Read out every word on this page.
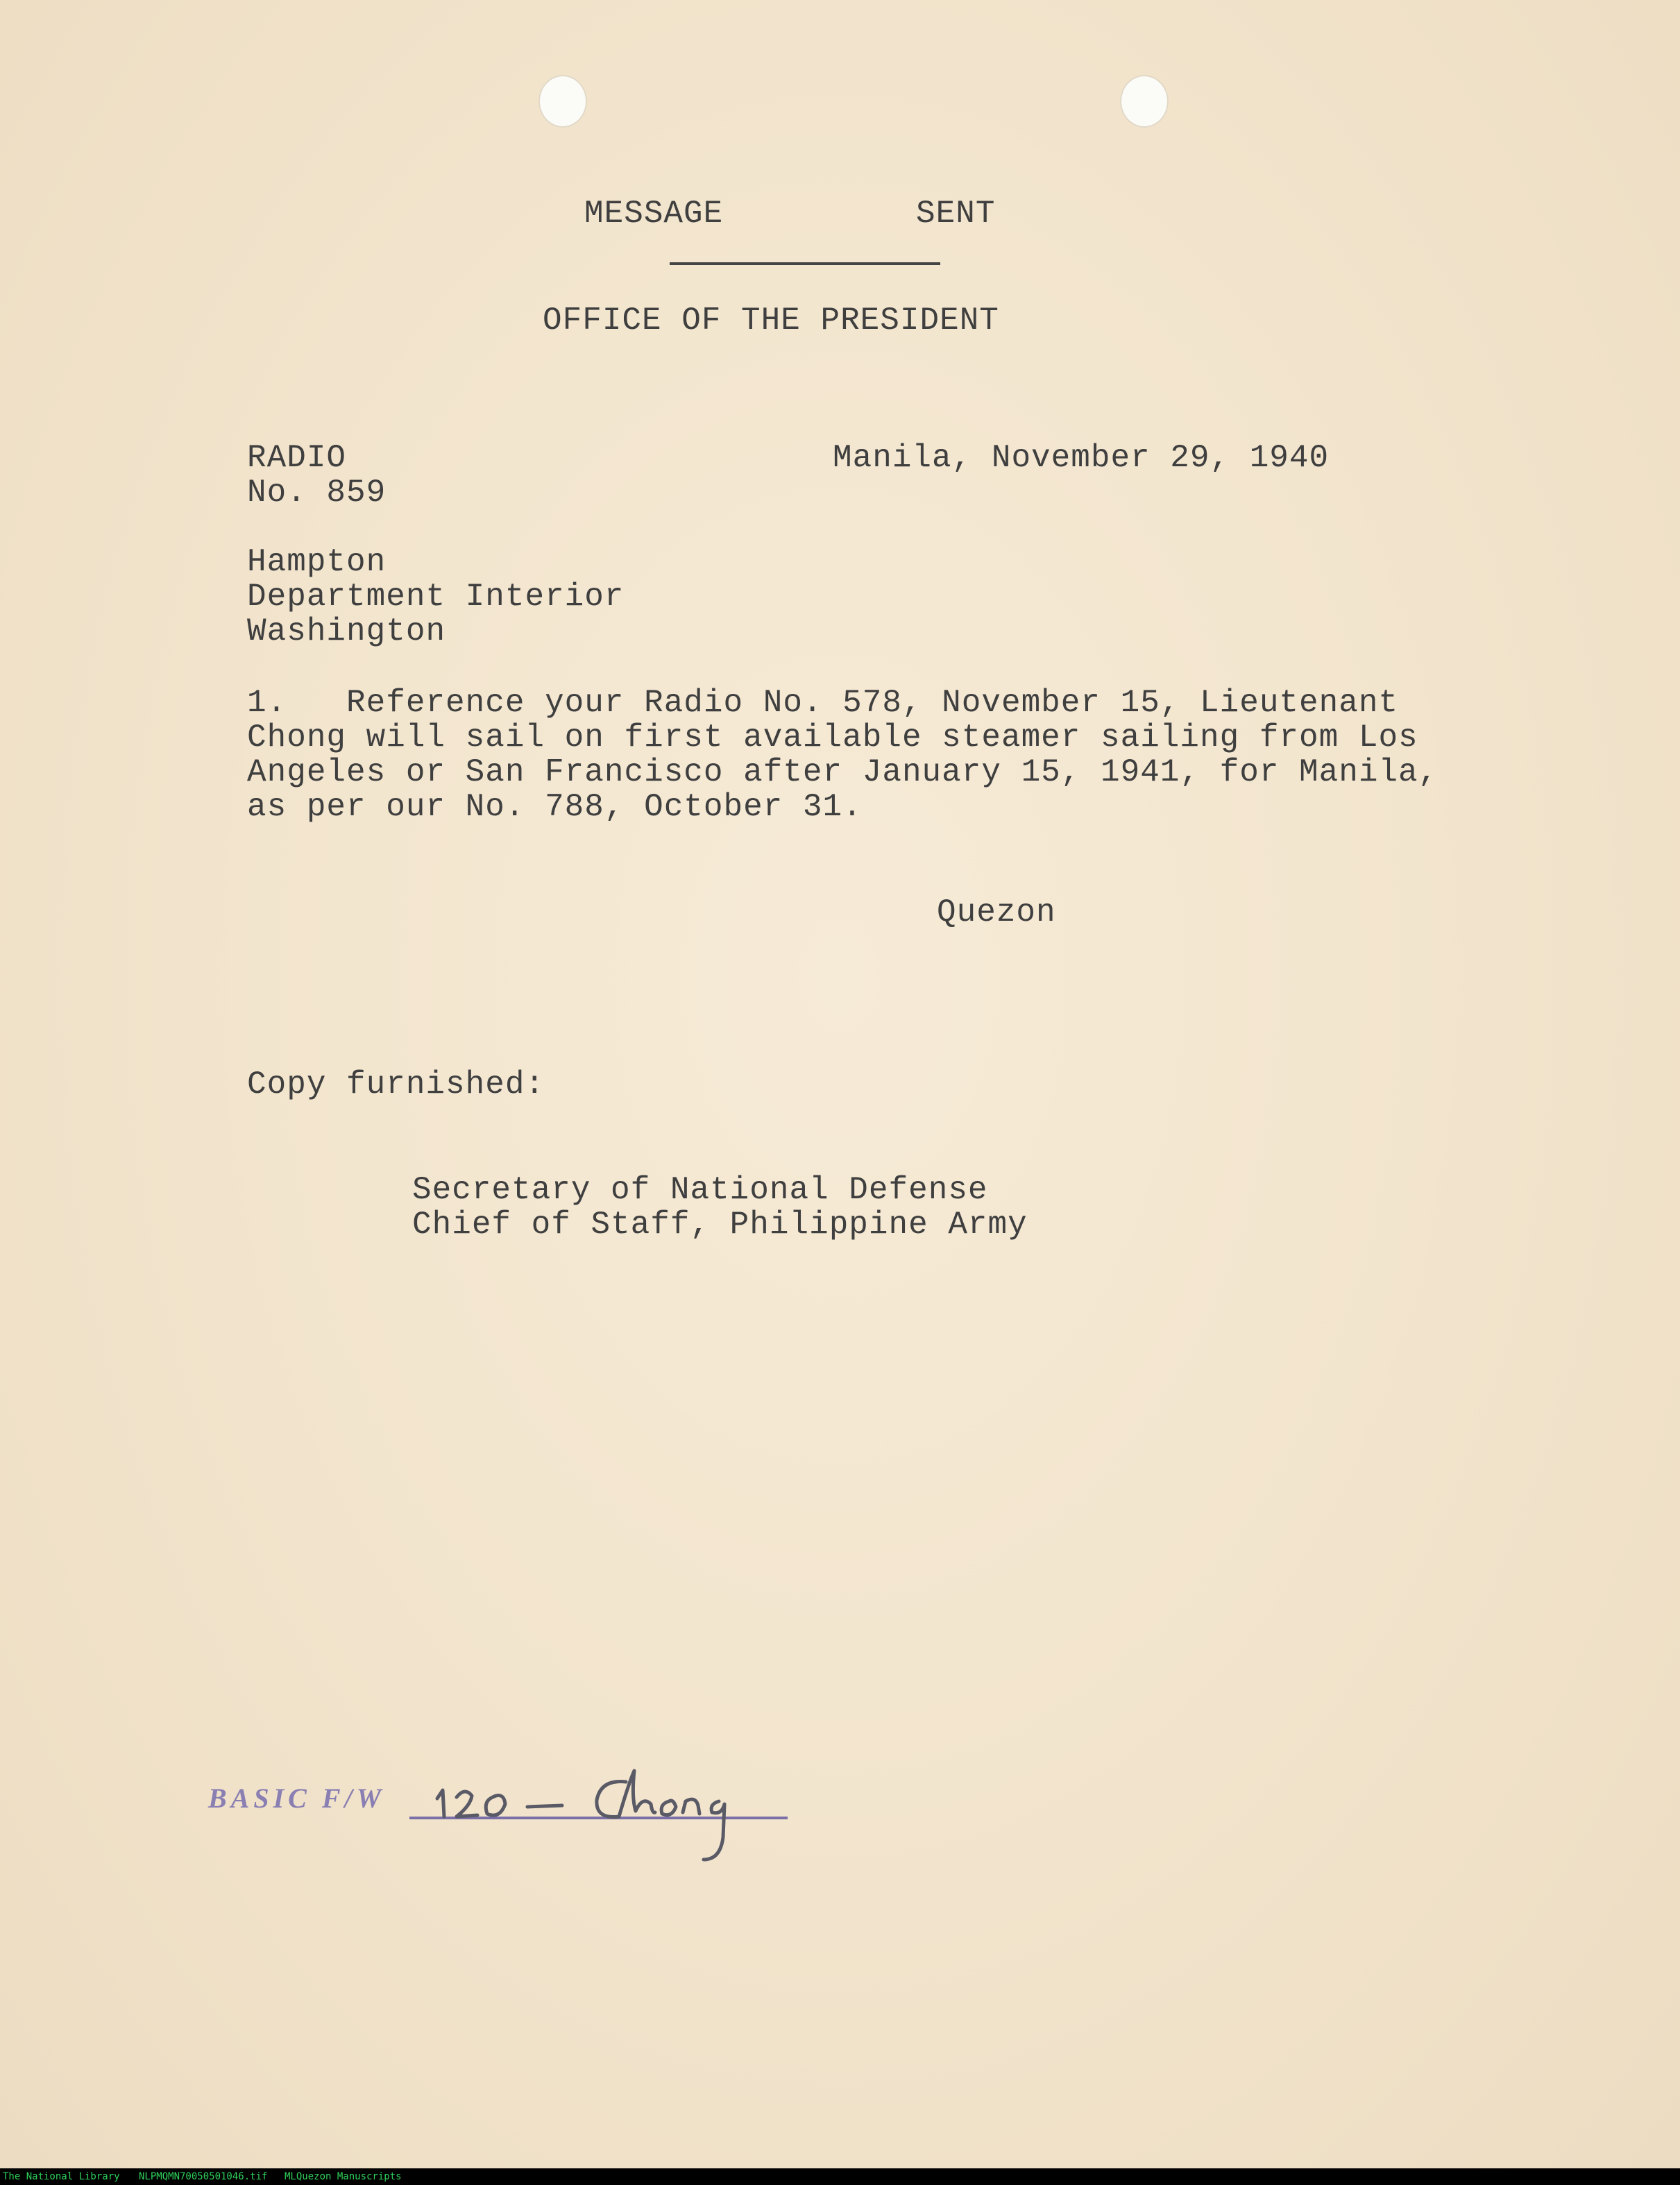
MESSAGE	SENT
OFFICE OF THE PRESIDENT
RADIO
No. 859
Manila, November 29, 1940
Hampton
Department Interior
Washington
1.   Reference your Radio No. 578, November 15, Lieutenant
Chong will sail on first available steamer sailing from Los
Angeles or San Francisco after January 15, 1941, for Manila,
as per our No. 788, October 31.
Quezon
Copy furnished:
Secretary of National Defense
Chief of Staff, Philippine Army
BASIC F/W
The National Library NLPMQMN70050501046.tif MLQuezon Manuscripts
